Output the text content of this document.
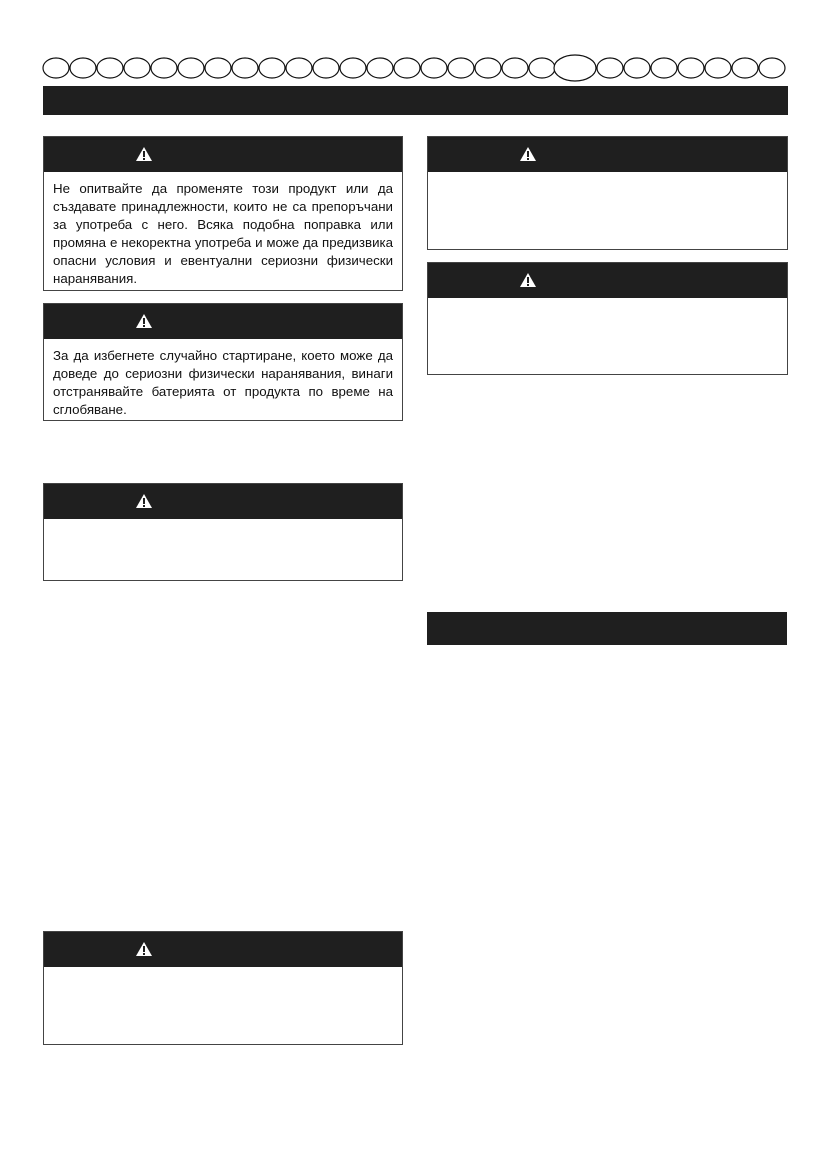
Не опитвайте да променяте този продукт или да създавате принадлежности, които не са препоръчани за употреба с него. Всяка подобна поправка или промяна е некоректна употреба и може да предизвика опасни условия и евентуални сериозни физически наранявания.
За да избегнете случайно стартиране, което може да доведе до сериозни физически наранявания, винаги отстранявайте батерията от продукта по време на сглобяване.
